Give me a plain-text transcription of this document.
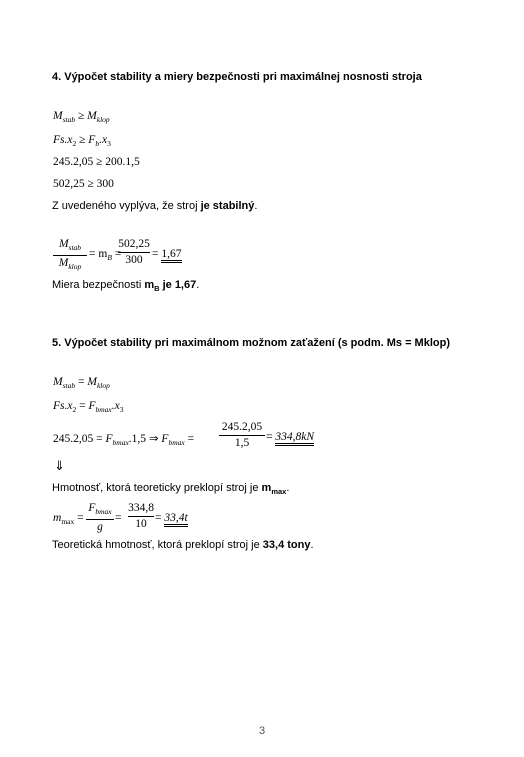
4. Výpočet stability a miery bezpečnosti pri maximálnej nosnosti stroja
$M_{stab} \ge M_{klop}$
$Fs.x_2 \ge F_b.x_3$
245.2,05 ≥ 200.1,5
502,25 ≥ 300
Z uvedeného vyplýva, že stroj je stabilný.
$M_{stab}$
$M_{klop}$
= $m_B$ =
502,25
300 = 1,67
Miera bezpečnosti $m_B$ je 1,67.
5. Výpočet stability pri maximálnom možnom zaťažení (s podm. Ms = Mklop)
$M_{stab} = M_{klop}$
$Fs.x_2 = F_{bmax}.x_3$
$245.2,05 = F_{bmax}.1,5$ ⇒ $F_{bmax}$ =
245.2,05
1,5	= 334,8kN
⇓
Hmotnosť, ktorá teoreticky preklopí stroj je $m_{max}$.
$m_{max}$ =
$F_{bmax}$
g
=
334,8
10 = 33,4t
Teoretická hmotnosť, ktorá preklopí stroj je 33,4 tony.
3
